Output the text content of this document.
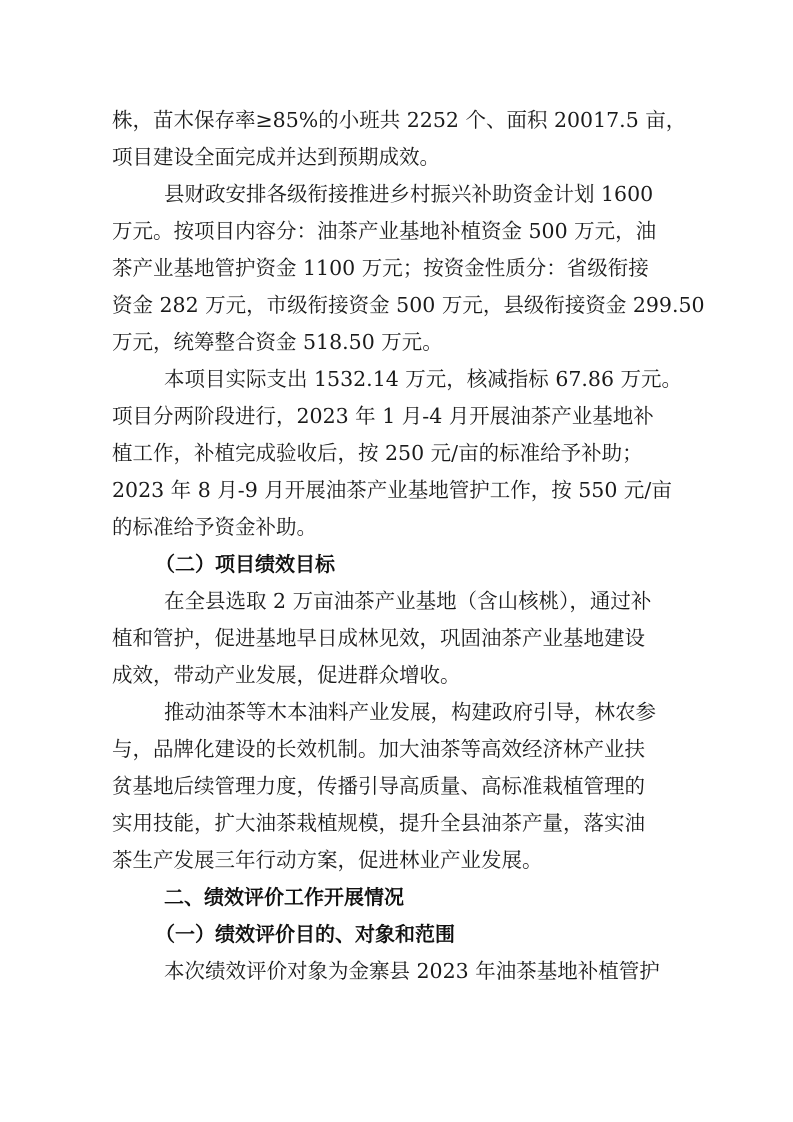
株，苗木保存率≥85%的小班共 2252 个、面积 20017.5 亩，
项目建设全面完成并达到预期成效。
县财政安排各级衔接推进乡村振兴补助资金计划 1600
万元。按项目内容分：油茶产业基地补植资金 500 万元，油
茶产业基地管护资金 1100 万元；按资金性质分：省级衔接
资金 282 万元，市级衔接资金 500 万元，县级衔接资金 299.50
万元，统筹整合资金 518.50 万元。
本项目实际支出 1532.14 万元，核减指标 67.86 万元。
项目分两阶段进行，2023 年 1 月-4 月开展油茶产业基地补
植工作，补植完成验收后，按 250 元/亩的标准给予补助；
2023 年 8 月-9 月开展油茶产业基地管护工作，按 550 元/亩
的标准给予资金补助。
（二）项目绩效目标
在全县选取 2 万亩油茶产业基地（含山核桃），通过补
植和管护，促进基地早日成林见效，巩固油茶产业基地建设
成效，带动产业发展，促进群众增收。
推动油茶等木本油料产业发展，构建政府引导，林农参
与，品牌化建设的长效机制。加大油茶等高效经济林产业扶
贫基地后续管理力度，传播引导高质量、高标准栽植管理的
实用技能，扩大油茶栽植规模，提升全县油茶产量，落实油
茶生产发展三年行动方案，促进林业产业发展。
二、绩效评价工作开展情况
（一）绩效评价目的、对象和范围
本次绩效评价对象为金寨县 2023 年油茶基地补植管护
